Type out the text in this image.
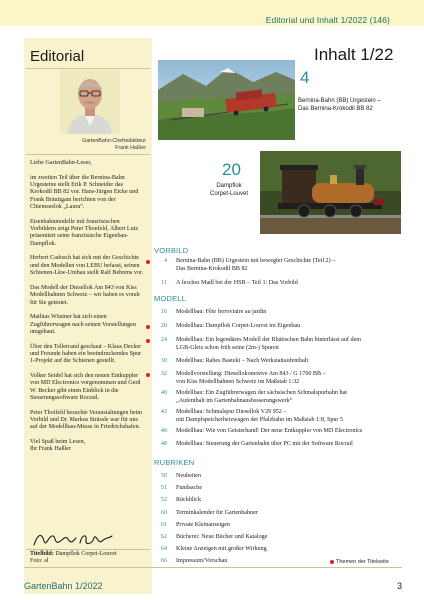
Editorial und Inhalt 1/2022 (146)
Editorial
GartenBahn-Chefredakteur
Frank Haßler

Liebe GartenBahn-Leser,

im zweiten Teil über die Bernina-Bahn Urgesteine stellt Erik P. Schneider das Krokodil BB 82 vor. Hans-Jürgen Eicke und Frank Bräutigam berichten von der Chiemseelok „Laura“.

Eisenbahnmodelle mit französischen Vorbildern zeigt Peter Thonfeld, Albert Lutz präsentiert seine französische Eigenbau-Dampflok.

Herbert Cadosch hat sich mit der Geschichte und den Modellen von LEBU befasst, seinen Schienen-Lkw-Umbau stellt Ralf Behrens vor.

Das Modell der Diesellok Am 843 von Kiss Modellbahnen Schweiz – wir haben es vorab für Sie getestet.

Mathias Wüstner hat sich einen Zugführerwagen nach seinen Vorstellungen umgebaut.

Über den Tellerrand geschaut – Klaus Decker und Freunde haben ein beeindruckendes Spur 1-Projekt auf die Schienen gestellt.

Volker Seidel hat sich den neuen Entkuppler von MD Electronics vorgenommen und Gerd W. Becker gibt einen Einblick in die Steuerungssoftware Rocrail.

Peter Thoifeld besuchte Veranstaltungen beim Vorbild und Dr. Markus Strässle war für uns auf der Modellbau-Messe in Friedrichshafen.

Viel Spaß beim Lesen,
Ihr Frank Haßler

Titelbild: Dampflok Corpet-Louvet
Foto: al
Inhalt 1/22
4
Bernina-Bahn (BB) Urgestein –
Das Bernina-Krokodil BB 82
20
Dampflok
Corpet-Louvet
VORBILD
4 Bernina-Bahn (BB) Urgestein mit bewegter Geschichte (Teil 2) –
Das Bernina-Krokodil BB 82
11 A fesches Madl bei der HSB – Teil 1: Das Vorbild
MODELL
16 Modellbau: Fête ferroviaire au jardin
20 Modellbau: Dampflok Corpet-Louvet im Eigenbau
24 Modellbau: Ein legendäres Modell der Rhätischen Bahn hinterlässt auf dem
LGB-Gleis schon früh seine (2m-) Spuren
30 Modellbau: Rabes Basteki – Nach Werkstattaufenthalt
32 Modellvorstellung: Diesellokomotive Am 843 / G 1700 BB –
von Kiss Modellbahnen Schweiz im Maßstab 1:32
40 Modellbau: Ein Zugführerwagen der sächsischen Schmalspurbahn hat
„Aufenthalt im Gartenbahnausbesserungswerk“
43 Modellbau: Schmalspur Diesellok V29 952 –
mit Dampfspeicherheizwagen der Pfalzbahn im Maßstab 1:8, Spur 5
46 Modellbau: Wie von Geisterhand! Der neue Entkuppler von MD Electronics
48 Modellbau: Steuerung der Gartenbahn über PC mit der Software Rocrail
RUBRIKEN
50 Neuheiten
51 Fundsache
52 Rückblick
60 Terminkalender für Gartenbahner
61 Private Kleinanzeigen
62 Bücherei: Neue Bücher und Kataloge
64 Kleine Anzeigen mit großer Wirkung
66 Impressum/Vorschau	Themen der Titelseite
GartenBahn 1/2022	3
